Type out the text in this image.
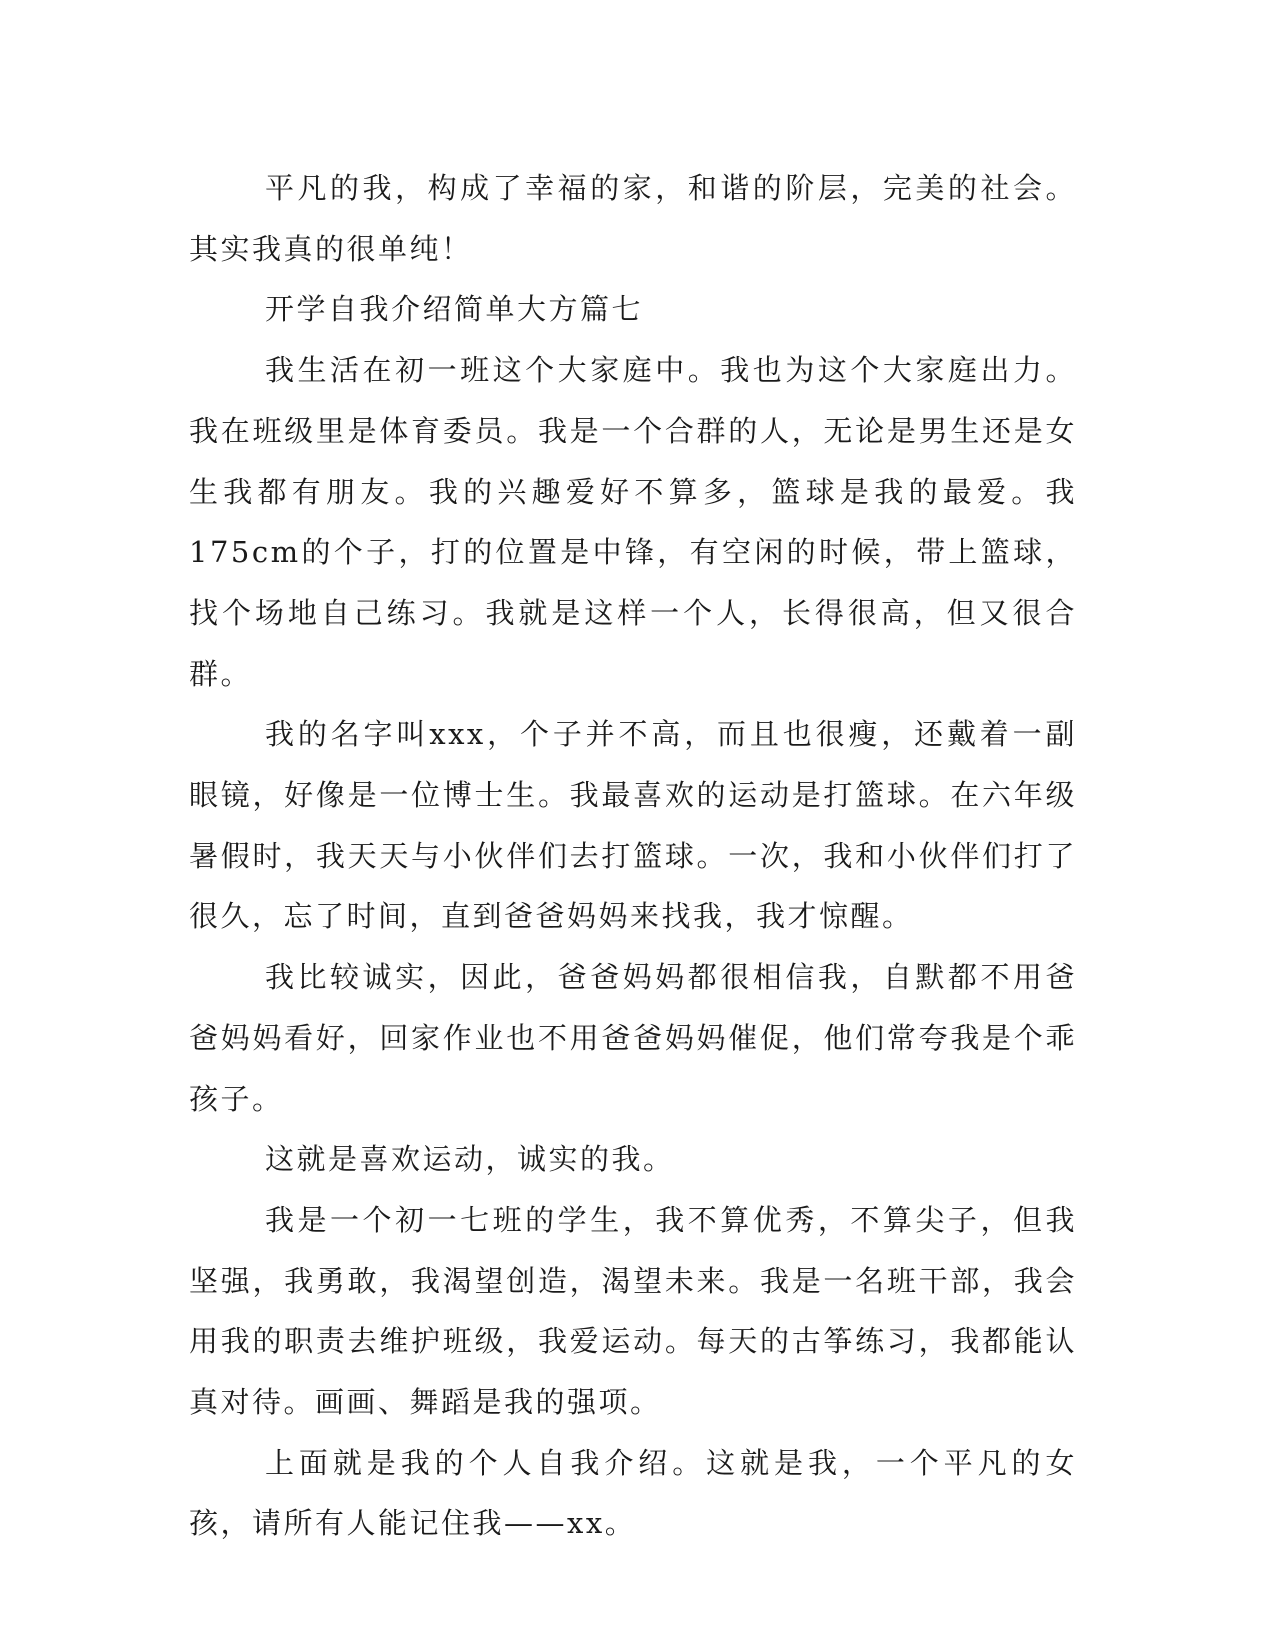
平凡的我，构成了幸福的家，和谐的阶层，完美的社会。其实我真的很单纯！

开学自我介绍简单大方篇七

我生活在初一班这个大家庭中。我也为这个大家庭出力。我在班级里是体育委员。我是一个合群的人，无论是男生还是女生我都有朋友。我的兴趣爱好不算多，篮球是我的最爱。我175cm的个子，打的位置是中锋，有空闲的时候，带上篮球，找个场地自己练习。我就是这样一个人，长得很高，但又很合群。

我的名字叫xxx，个子并不高，而且也很瘦，还戴着一副眼镜，好像是一位博士生。我最喜欢的运动是打篮球。在六年级暑假时，我天天与小伙伴们去打篮球。一次，我和小伙伴们打了很久，忘了时间，直到爸爸妈妈来找我，我才惊醒。

我比较诚实，因此，爸爸妈妈都很相信我，自默都不用爸爸妈妈看好，回家作业也不用爸爸妈妈催促，他们常夸我是个乖孩子。

这就是喜欢运动，诚实的我。

我是一个初一七班的学生，我不算优秀，不算尖子，但我坚强，我勇敢，我渴望创造，渴望未来。我是一名班干部，我会用我的职责去维护班级，我爱运动。每天的古筝练习，我都能认真对待。画画、舞蹈是我的强项。

上面就是我的个人自我介绍。这就是我，一个平凡的女孩，请所有人能记住我——xx。
